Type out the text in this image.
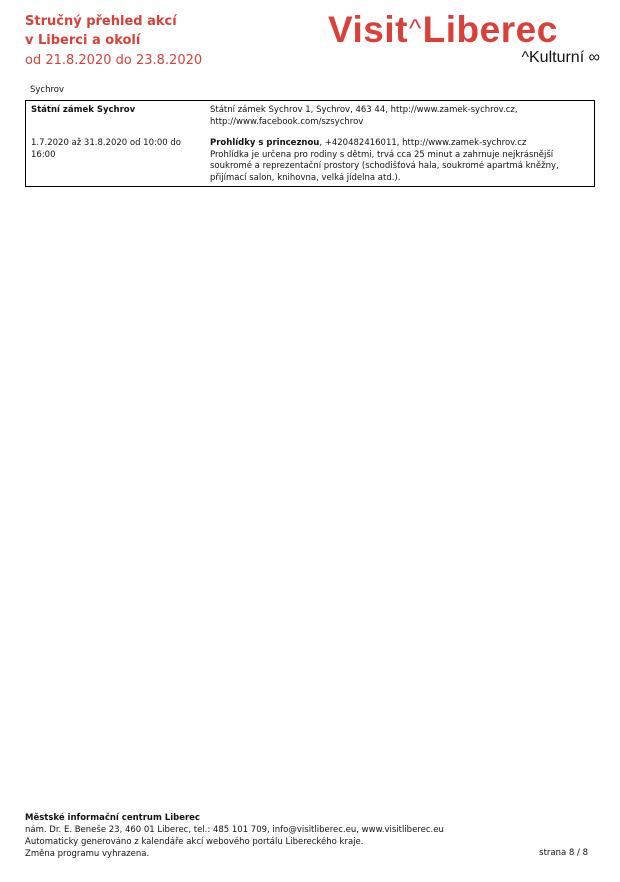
Stručný přehled akcí
v Liberci a okolí
od 21.8.2020 do 23.8.2020
Visit^Liberec
^Kulturní ∞
Sychrov
Státní zámek Sychrov	Státní zámek Sychrov 1, Sychrov, 463 44, http://www.zamek-sychrov.cz, http://www.facebook.com/szsychrov
1.7.2020 až 31.8.2020 od 10:00 do 16:00
Prohlídky s princeznou, +420482416011, http://www.zamek-sychrov.cz
Prohlídka je určena pro rodiny s dětmi, trvá cca 25 minut a zahrnuje nejkrásnější soukromé a reprezentační prostory (schodišťová hala, soukromé apartmá kněžny, přijímací salon, knihovna, velká jídelna atd.).
Městské informační centrum Liberec
nám. Dr. E. Beneše 23, 460 01 Liberec, tel.: 485 101 709, info@visitliberec.eu, www.visitliberec.eu
Automaticky generováno z kalendáře akcí webového portálu Libereckého kraje.
Změna programu vyhrazena.	strana 8 / 8
